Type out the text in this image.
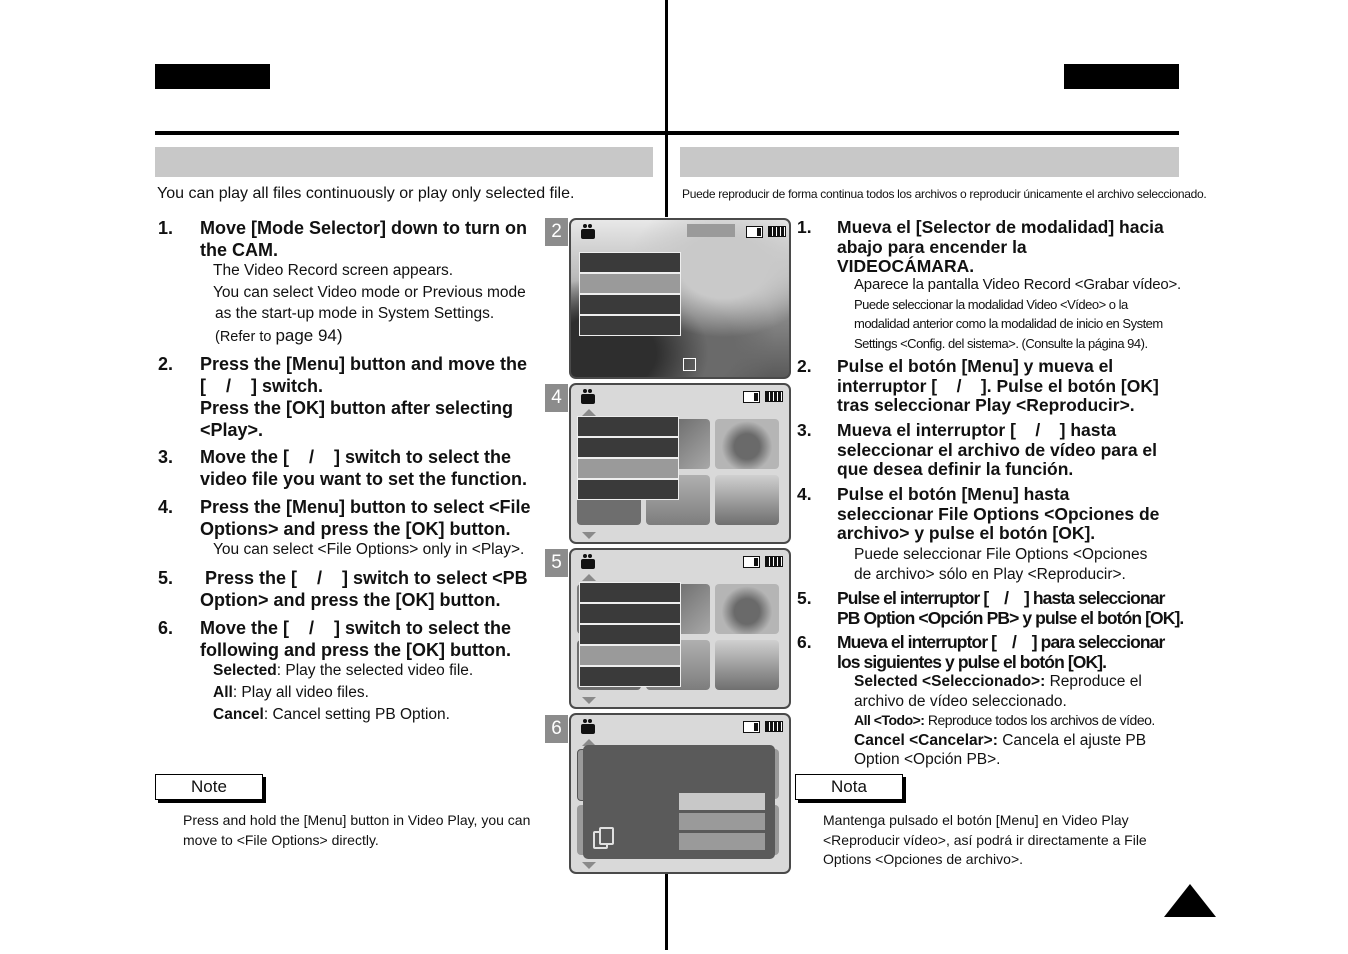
You can play all files continuously or play only selected file.
1. Move [Mode Selector] down to turn on
the CAM.
The Video Record screen appears.
You can select Video mode or Previous mode
as the start-up mode in System Settings.
(Refer to page 94)
2. Press the [Menu] button and move the
[    /    ] switch.
Press the [OK] button after selecting
<Play>.
3. Move the [    /    ] switch to select the
video file you want to set the function.
4. Press the [Menu] button to select <File
Options> and press the [OK] button.
You can select <File Options> only in <Play>.
5. Press the [    /    ] switch to select <PB
Option> and press the [OK] button.
6. Move the [    /    ] switch to select the
following and press the [OK] button.
Selected: Play the selected video file.
All: Play all video files.
Cancel: Cancel setting PB Option.
Note
Press and hold the [Menu] button in Video Play, you can
move to <File Options> directly.
2
4
5
6
Puede reproducir de forma continua todos los archivos o reproducir únicamente el archivo seleccionado.
1. Mueva el [Selector de modalidad] hacia
abajo para encender la
VIDEOCÁMARA.
Aparece la pantalla Video Record <Grabar vídeo>.
Puede seleccionar la modalidad Video <Vídeo> o la
modalidad anterior como la modalidad de inicio en System
Settings <Config. del sistema>. (Consulte la página 94).
2. Pulse el botón [Menu] y mueva el
interruptor [    /    ]. Pulse el botón [OK]
tras seleccionar Play <Reproducir>.
3. Mueva el interruptor [    /    ] hasta
seleccionar el archivo de vídeo para el
que desea definir la función.
4. Pulse el botón [Menu] hasta
seleccionar File Options <Opciones de
archivo> y pulse el botón [OK].
Puede seleccionar File Options <Opciones
de archivo> sólo en Play <Reproducir>.
5. Pulse el interruptor [    /    ] hasta seleccionar
PB Option <Opción PB> y pulse el botón [OK].
6. Mueva el interruptor [    /    ] para seleccionar
los siguientes y pulse el botón [OK].
Selected <Seleccionado>: Reproduce el
archivo de vídeo seleccionado.
All <Todo>: Reproduce todos los archivos de vídeo.
Cancel <Cancelar>: Cancela el ajuste PB
Option <Opción PB>.
Nota
Mantenga pulsado el botón [Menu] en Video Play
<Reproducir vídeo>, así podrá ir directamente a File
Options <Opciones de archivo>.
